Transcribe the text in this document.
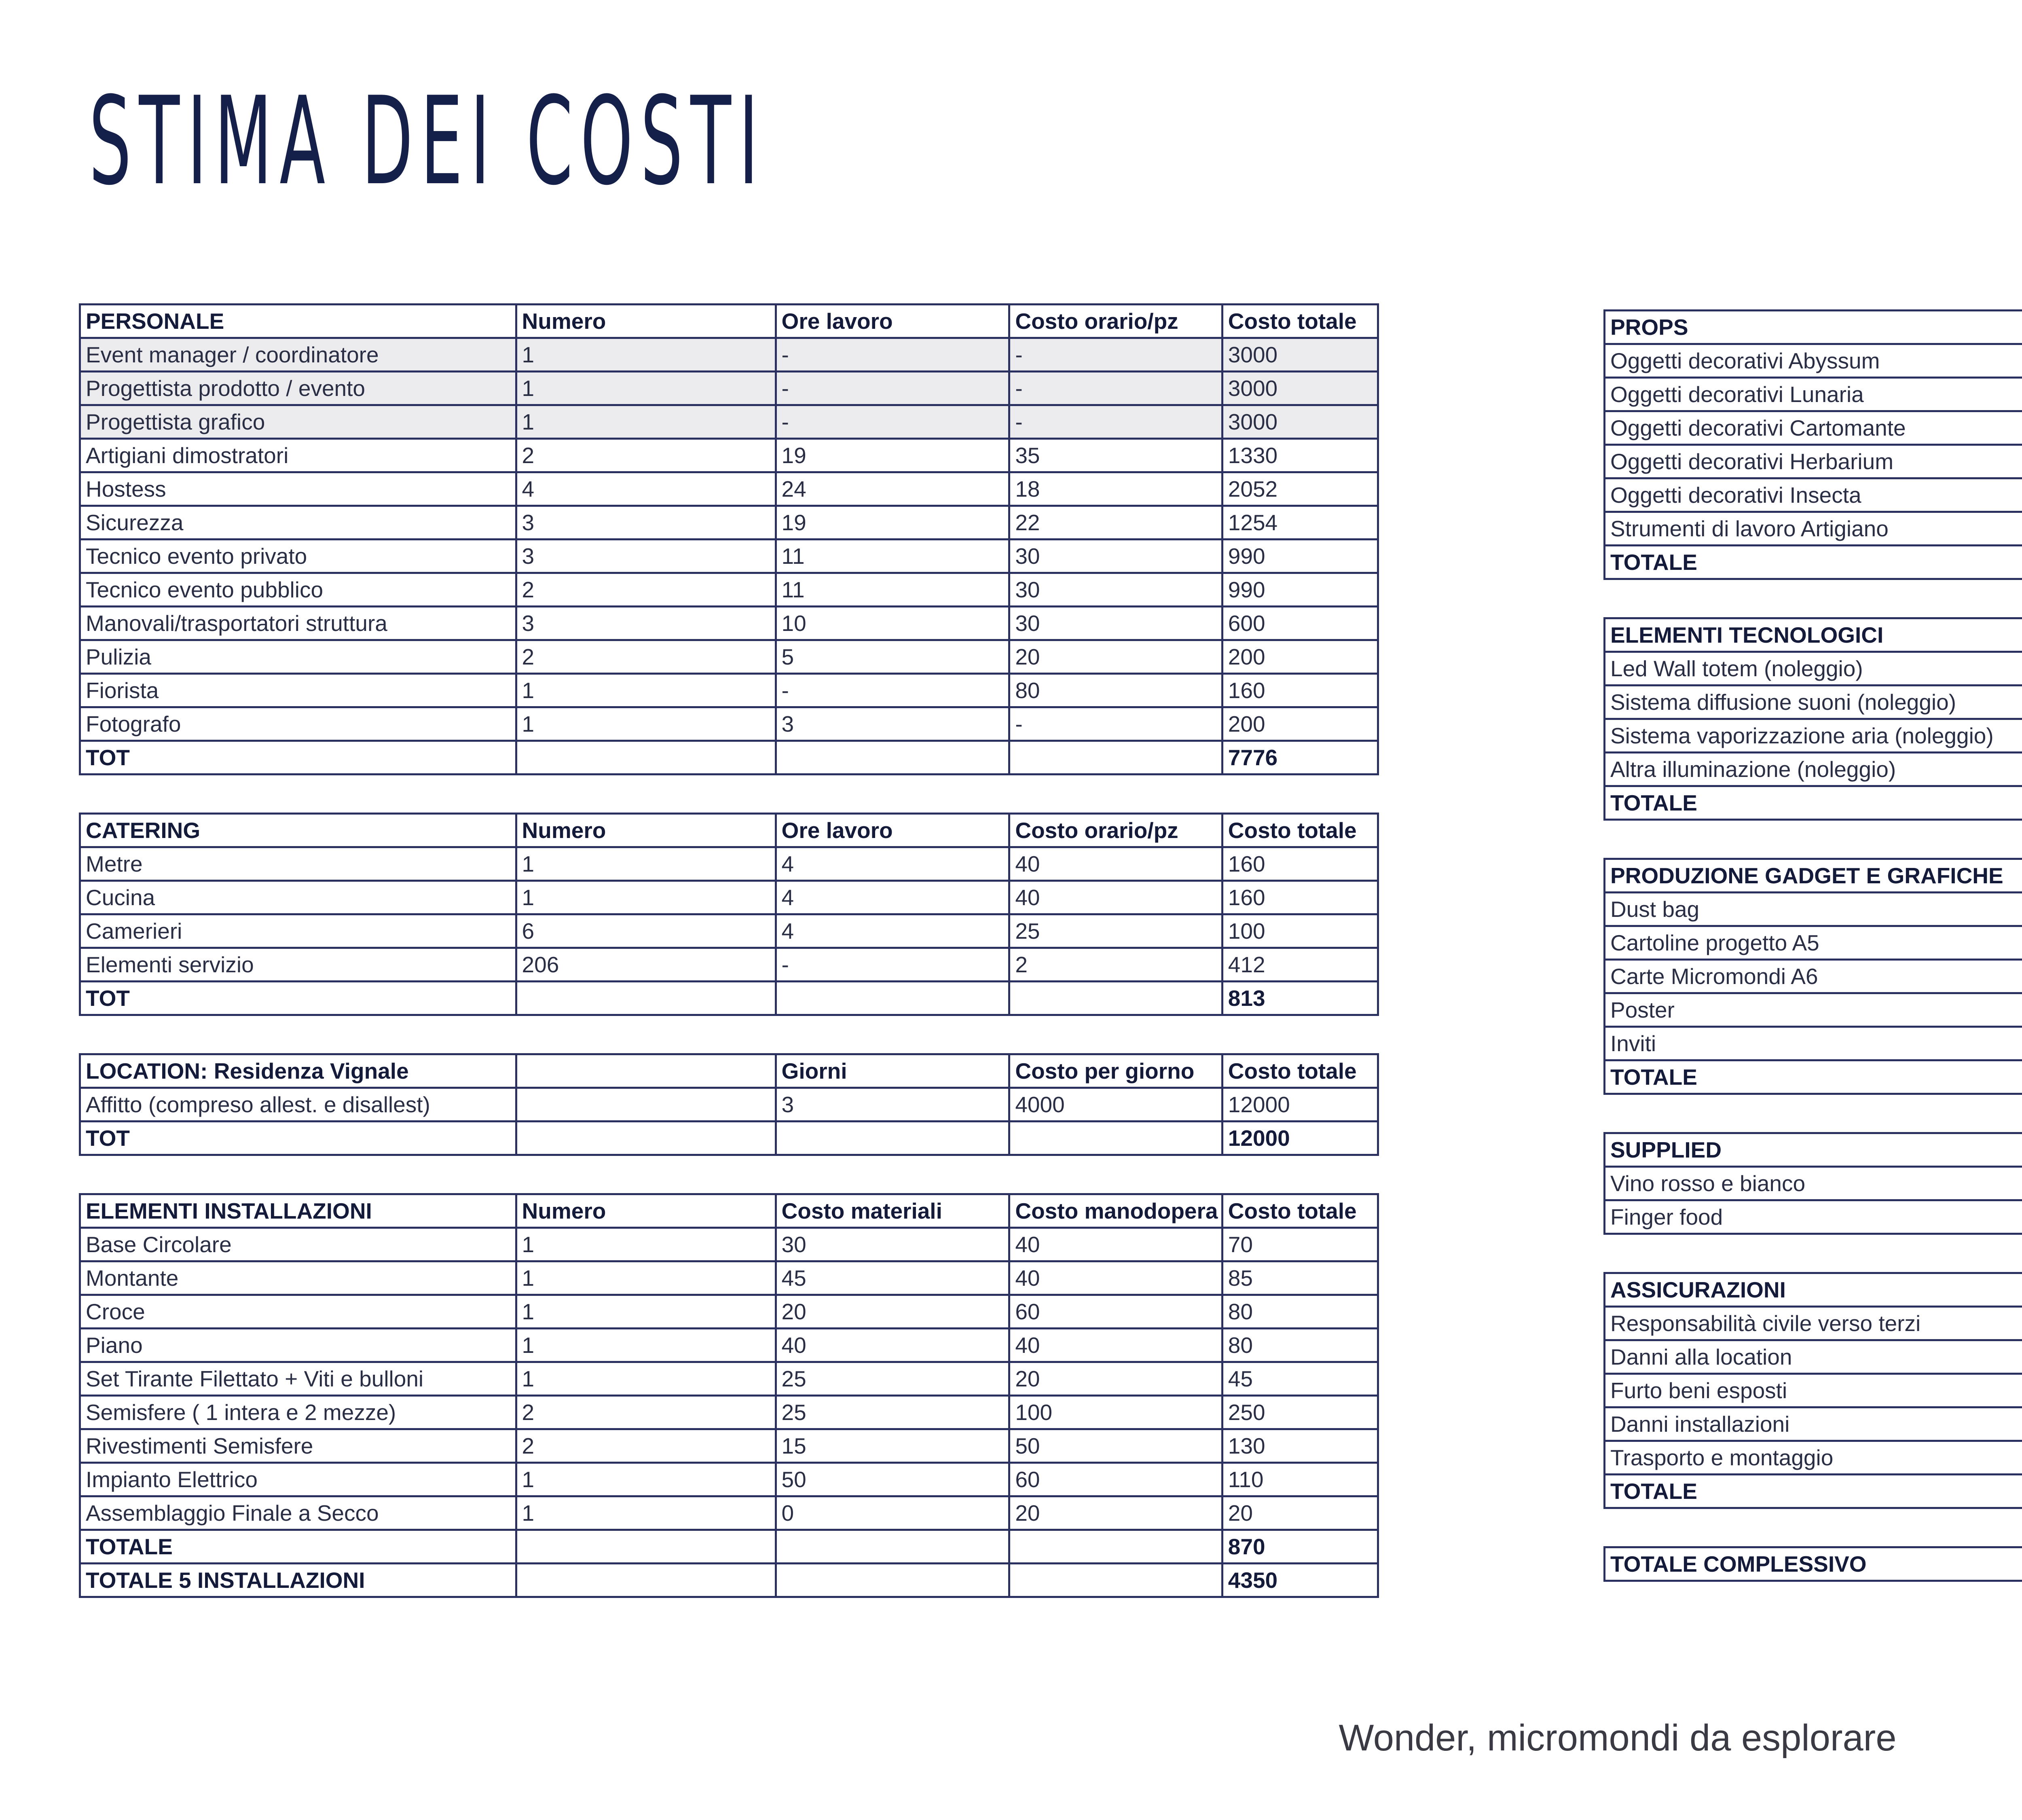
STIMA DEI COSTI
PERSONALE	Numero	Ore lavoro	Costo orario/pz	Costo totale
Event manager / coordinatore	1	-	-	3000
Progettista prodotto / evento	1	-	-	3000
Progettista grafico	1	-	-	3000
Artigiani dimostratori	2	19	35	1330
Hostess	4	24	18	2052
Sicurezza	3	19	22	1254
Tecnico evento privato	3	11	30	990
Tecnico evento pubblico	2	11	30	990
Manovali/trasportatori struttura	3	10	30	600
Pulizia	2	5	20	200
Fiorista	1	-	80	160
Fotografo	1	3	-	200
TOT				7776
CATERING	Numero	Ore lavoro	Costo orario/pz	Costo totale
Metre	1	4	40	160
Cucina	1	4	40	160
Camerieri	6	4	25	100
Elementi servizio	206	-	2	412
TOT				813
LOCATION: Residenza Vignale		Giorni	Costo per giorno	Costo totale
Affitto (compreso allest. e disallest)		3	4000	12000
TOT				12000
ELEMENTI INSTALLAZIONI	Numero	Costo materiali	Costo manodopera	Costo totale
Base Circolare	1	30	40	70
Montante	1	45	40	85
Croce	1	20	60	80
Piano	1	40	40	80
Set Tirante Filettato + Viti e bulloni	1	25	20	45
Semisfere ( 1 intera e 2 mezze)	2	25	100	250
Rivestimenti Semisfere	2	15	50	130
Impianto Elettrico	1	50	60	110
Assemblaggio Finale a Secco	1	0	20	20
TOTALE				870
TOTALE 5 INSTALLAZIONI				4350
PROPS				
Oggetti decorativi Abyssum				
Oggetti decorativi Lunaria				
Oggetti decorativi Cartomante				
Oggetti decorativi Herbarium				
Oggetti decorativi Insecta				
Strumenti di lavoro Artigiano				
TOTALE				
ELEMENTI TECNOLOGICI				
Led Wall totem (noleggio)				
Sistema diffusione suoni (noleggio)				
Sistema vaporizzazione aria (noleggio)				
Altra illuminazione (noleggio)				
TOTALE				
PRODUZIONE GADGET E GRAFICHE				
Dust bag				
Cartoline progetto A5				
Carte Micromondi A6				
Poster				
Inviti				
TOTALE				
SUPPLIED				
Vino rosso e bianco				
Finger food				
ASSICURAZIONI				
Responsabilità civile verso terzi				
Danni alla location				
Furto beni esposti				
Danni installazioni				
Trasporto e montaggio				
TOTALE				
TOTALE COMPLESSIVO				

Wonder, micromondi da esplorare
